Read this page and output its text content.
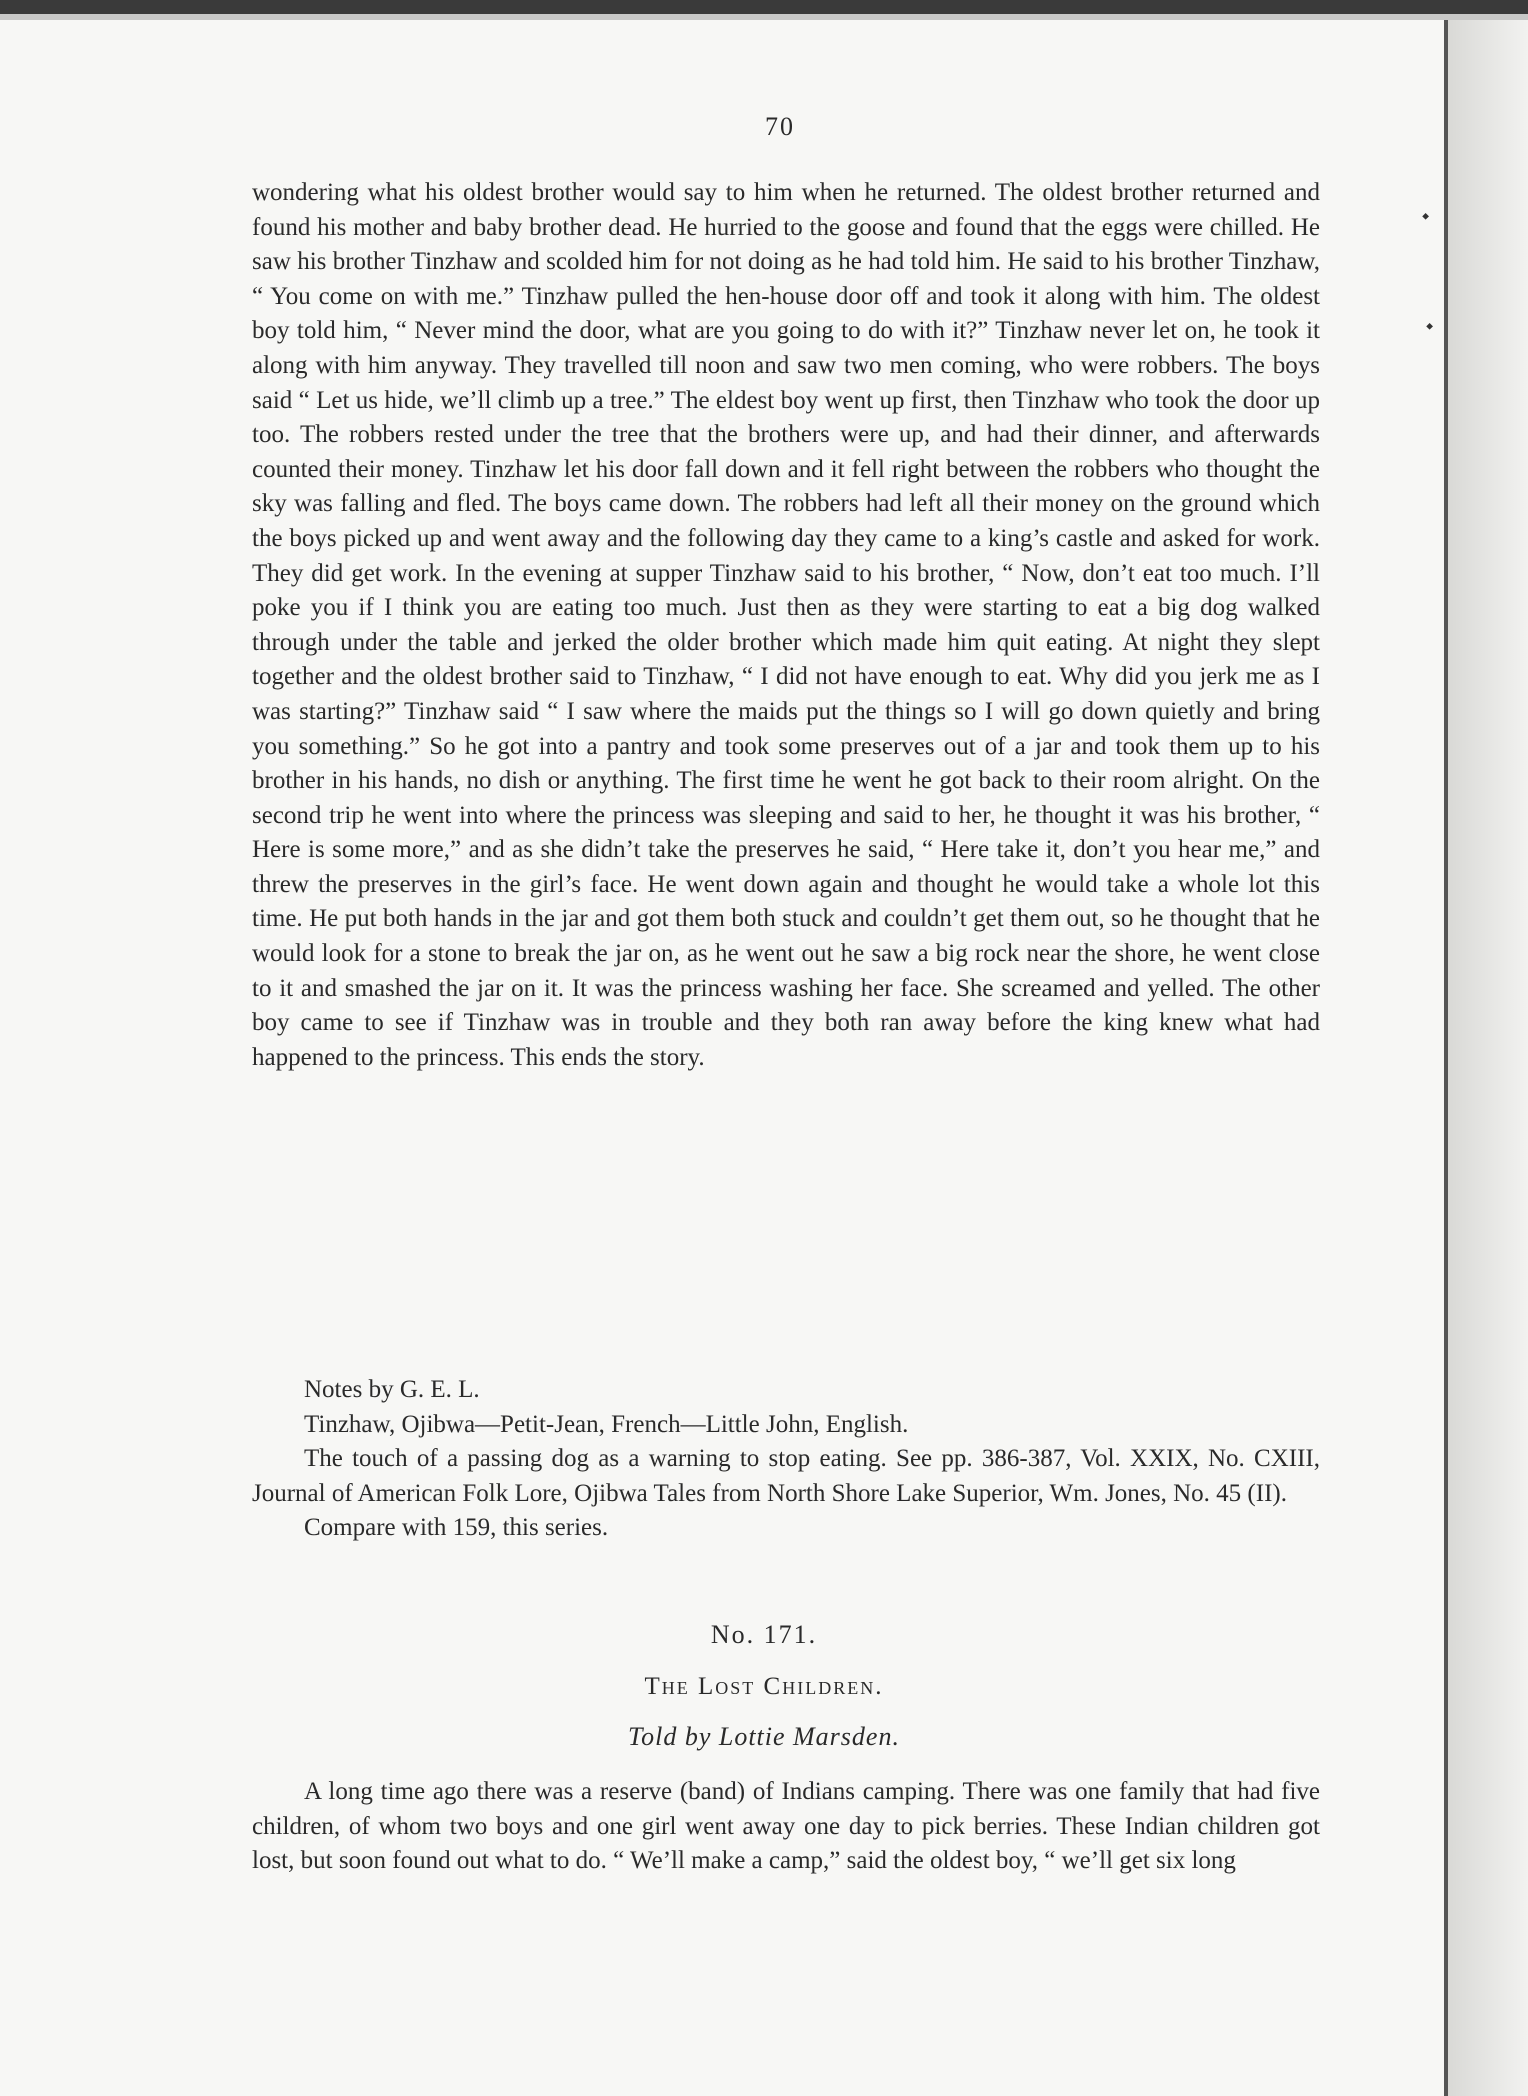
⬩
⬩
70

wondering what his oldest brother would say to him when he returned. The oldest brother returned and found his mother and baby brother dead. He hurried to the goose and found that the eggs were chilled. He saw his brother Tinzhaw and scolded him for not doing as he had told him. He said to his brother Tinzhaw, “ You come on with me.” Tinzhaw pulled the hen-house door off and took it along with him. The oldest boy told him, “ Never mind the door, what are you going to do with it?” Tinzhaw never let on, he took it along with him anyway. They travelled till noon and saw two men coming, who were robbers. The boys said “ Let us hide, we’ll climb up a tree.” The eldest boy went up first, then Tinzhaw who took the door up too. The robbers rested under the tree that the brothers were up, and had their dinner, and afterwards counted their money. Tinzhaw let his door fall down and it fell right between the robbers who thought the sky was falling and fled. The boys came down. The robbers had left all their money on the ground which the boys picked up and went away and the following day they came to a king’s castle and asked for work. They did get work. In the evening at supper Tinzhaw said to his brother, “ Now, don’t eat too much. I’ll poke you if I think you are eating too much. Just then as they were starting to eat a big dog walked through under the table and jerked the older brother which made him quit eating. At night they slept together and the oldest brother said to Tinzhaw, “ I did not have enough to eat. Why did you jerk me as I was starting?” Tinzhaw said “ I saw where the maids put the things so I will go down quietly and bring you something.” So he got into a pantry and took some preserves out of a jar and took them up to his brother in his hands, no dish or anything. The first time he went he got back to their room alright. On the second trip he went into where the princess was sleeping and said to her, he thought it was his brother, “ Here is some more,” and as she didn’t take the preserves he said, “ Here take it, don’t you hear me,” and threw the preserves in the girl’s face. He went down again and thought he would take a whole lot this time. He put both hands in the jar and got them both stuck and couldn’t get them out, so he thought that he would look for a stone to break the jar on, as he went out he saw a big rock near the shore, he went close to it and smashed the jar on it. It was the princess washing her face. She screamed and yelled. The other boy came to see if Tinzhaw was in trouble and they both ran away before the king knew what had happened to the princess. This ends the story.

Notes by G. E. L.

Tinzhaw, Ojibwa—Petit-Jean, French—Little John, English.

The touch of a passing dog as a warning to stop eating. See pp. 386-387, Vol. XXIX, No. CXIII, Journal of American Folk Lore, Ojibwa Tales from North Shore Lake Superior, Wm. Jones, No. 45 (II).

Compare with 159, this series.

No. 171.
The Lost Children.
Told by Lottie Marsden.

A long time ago there was a reserve (band) of Indians camping. There was one family that had five children, of whom two boys and one girl went away one day to pick berries. These Indian children got lost, but soon found out what to do. “ We’ll make a camp,” said the oldest boy, “ we’ll get six long
